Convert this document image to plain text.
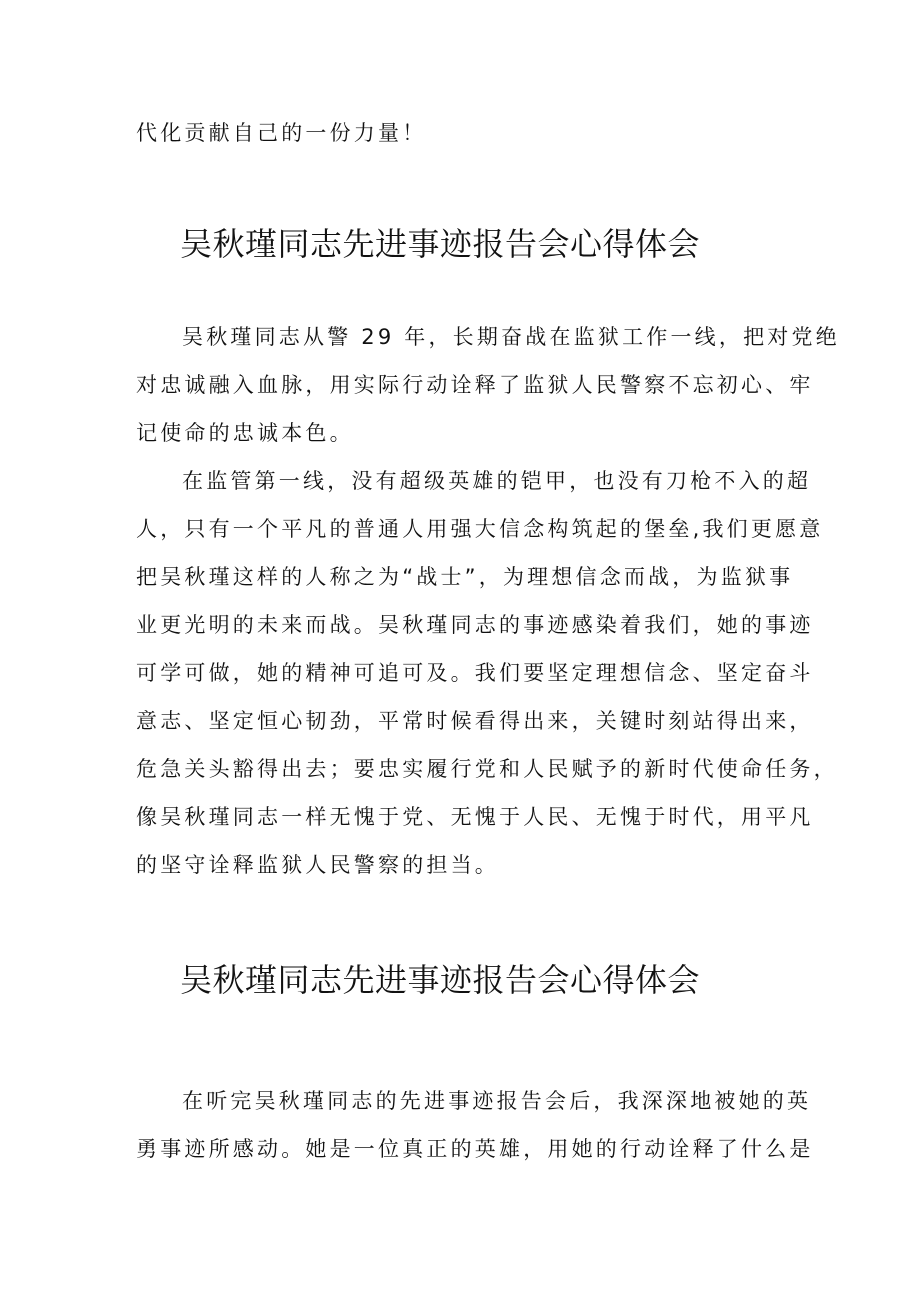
代化贡献自己的一份力量！
吴秋瑾同志先进事迹报告会心得体会
吴秋瑾同志从警 29 年，长期奋战在监狱工作一线，把对党绝
对忠诚融入血脉，用实际行动诠释了监狱人民警察不忘初心、牢
记使命的忠诚本色。
在监管第一线，没有超级英雄的铠甲，也没有刀枪不入的超
人，只有一个平凡的普通人用强大信念构筑起的堡垒,我们更愿意
把吴秋瑾这样的人称之为“战士”，为理想信念而战，为监狱事
业更光明的未来而战。吴秋瑾同志的事迹感染着我们，她的事迹
可学可做，她的精神可追可及。我们要坚定理想信念、坚定奋斗
意志、坚定恒心韧劲，平常时候看得出来，关键时刻站得出来，
危急关头豁得出去；要忠实履行党和人民赋予的新时代使命任务，
像吴秋瑾同志一样无愧于党、无愧于人民、无愧于时代，用平凡
的坚守诠释监狱人民警察的担当。
吴秋瑾同志先进事迹报告会心得体会
在听完吴秋瑾同志的先进事迹报告会后，我深深地被她的英
勇事迹所感动。她是一位真正的英雄，用她的行动诠释了什么是
